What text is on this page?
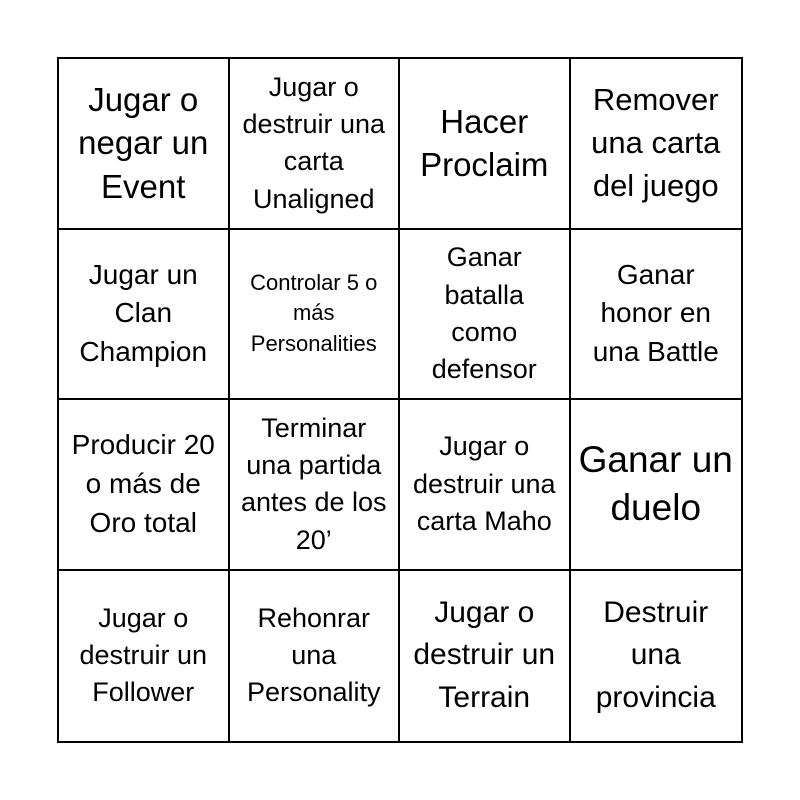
Jugar o negar un Event
Jugar o destruir una carta Unaligned
Hacer Proclaim
Remover una carta del juego
Jugar un Clan Champion
Controlar 5 o más Personalities
Ganar batalla como defensor
Ganar honor en una Battle
Producir 20 o más de Oro total
Terminar una partida antes de los 20’
Jugar o destruir una carta Maho
Ganar un duelo
Jugar o destruir un Follower
Rehonrar una Personality
Jugar o destruir un Terrain
Destruir una provincia
